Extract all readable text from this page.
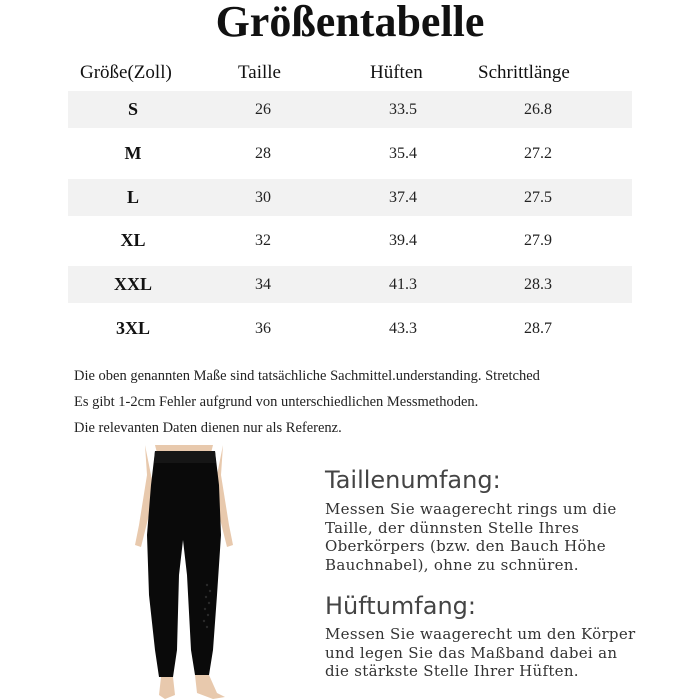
Größentabelle
Größe(Zoll)	Taille	Hüften	Schrittlänge
S	26	33.5	26.8
M	28	35.4	27.2
L	30	37.4	27.5
XL	32	39.4	27.9
XXL	34	41.3	28.3
3XL	36	43.3	28.7
Die oben genannten Maße sind tatsächliche Sachmittel.understanding. Stretched
Es gibt 1-2cm Fehler aufgrund von unterschiedlichen Messmethoden.
Die relevanten Daten dienen nur als Referenz.
Taillenumfang:

Messen Sie waagerecht rings um die Taille, der dünnsten Stelle Ihres Oberkörpers (bzw. den Bauch Höhe Bauchnabel), ohne zu schnüren.

Hüftumfang:

Messen Sie waagerecht um den Körper und legen Sie das Maßband dabei an die stärkste Stelle Ihrer Hüften.
